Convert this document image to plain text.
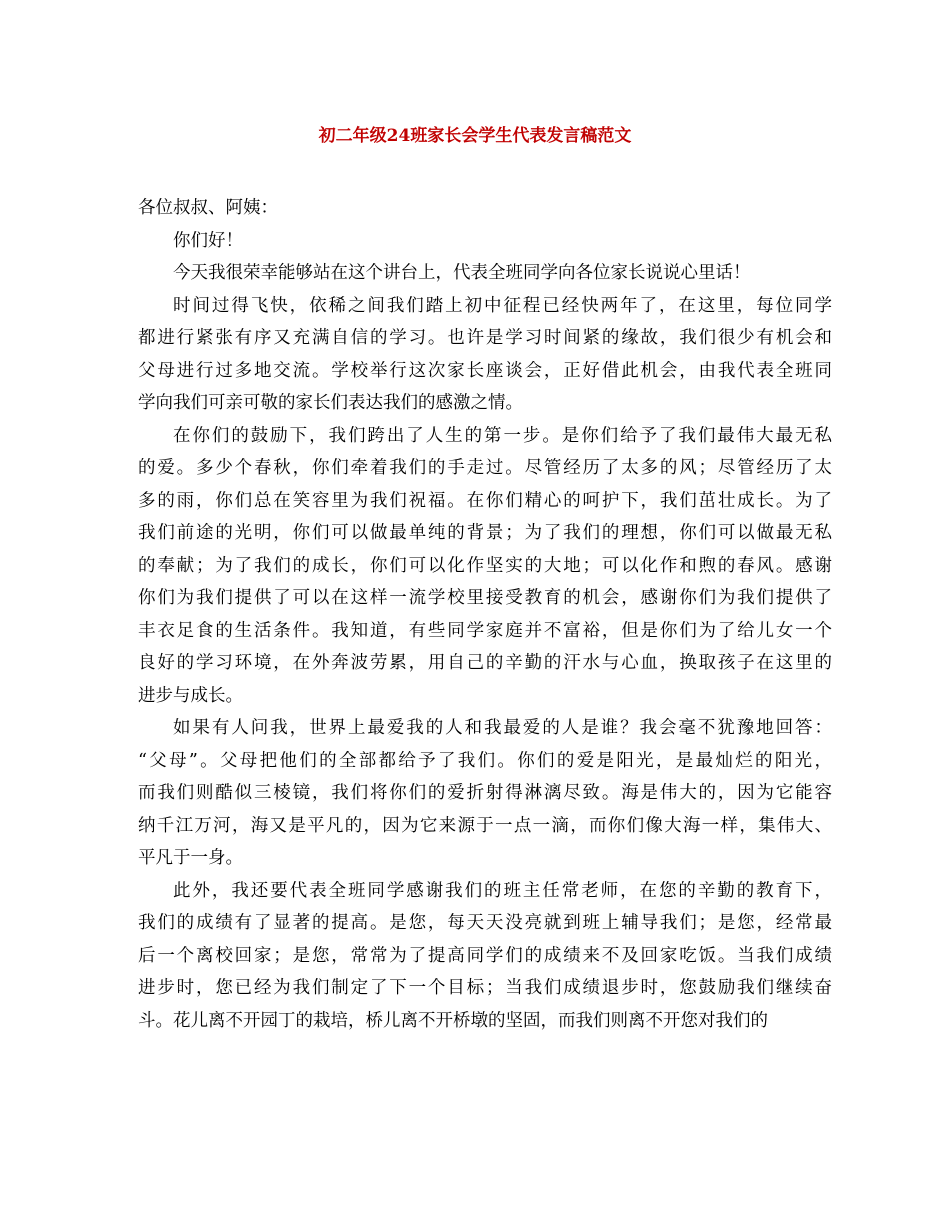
初二年级24班家长会学生代表发言稿范文
各位叔叔、阿姨：
你们好！
今天我很荣幸能够站在这个讲台上，代表全班同学向各位家长说说心里话！
时间过得飞快，依稀之间我们踏上初中征程已经快两年了，在这里，每位同学
都进行紧张有序又充满自信的学习。也许是学习时间紧的缘故，我们很少有机会和
父母进行过多地交流。学校举行这次家长座谈会，正好借此机会，由我代表全班同
学向我们可亲可敬的家长们表达我们的感激之情。
在你们的鼓励下，我们跨出了人生的第一步。是你们给予了我们最伟大最无私
的爱。多少个春秋，你们牵着我们的手走过。尽管经历了太多的风；尽管经历了太
多的雨，你们总在笑容里为我们祝福。在你们精心的呵护下，我们茁壮成长。为了
我们前途的光明，你们可以做最单纯的背景；为了我们的理想，你们可以做最无私
的奉献；为了我们的成长，你们可以化作坚实的大地；可以化作和煦的春风。感谢
你们为我们提供了可以在这样一流学校里接受教育的机会，感谢你们为我们提供了
丰衣足食的生活条件。我知道，有些同学家庭并不富裕，但是你们为了给儿女一个
良好的学习环境，在外奔波劳累，用自己的辛勤的汗水与心血，换取孩子在这里的
进步与成长。
如果有人问我，世界上最爱我的人和我最爱的人是谁？我会毫不犹豫地回答：
“父母”。父母把他们的全部都给予了我们。你们的爱是阳光，是最灿烂的阳光，
而我们则酷似三棱镜，我们将你们的爱折射得淋漓尽致。海是伟大的，因为它能容
纳千江万河，海又是平凡的，因为它来源于一点一滴，而你们像大海一样，集伟大、
平凡于一身。
此外，我还要代表全班同学感谢我们的班主任常老师，在您的辛勤的教育下，
我们的成绩有了显著的提高。是您，每天天没亮就到班上辅导我们；是您，经常最
后一个离校回家；是您，常常为了提高同学们的成绩来不及回家吃饭。当我们成绩
进步时，您已经为我们制定了下一个目标；当我们成绩退步时，您鼓励我们继续奋
斗。花儿离不开园丁的栽培，桥儿离不开桥墩的坚固，而我们则离不开您对我们的
